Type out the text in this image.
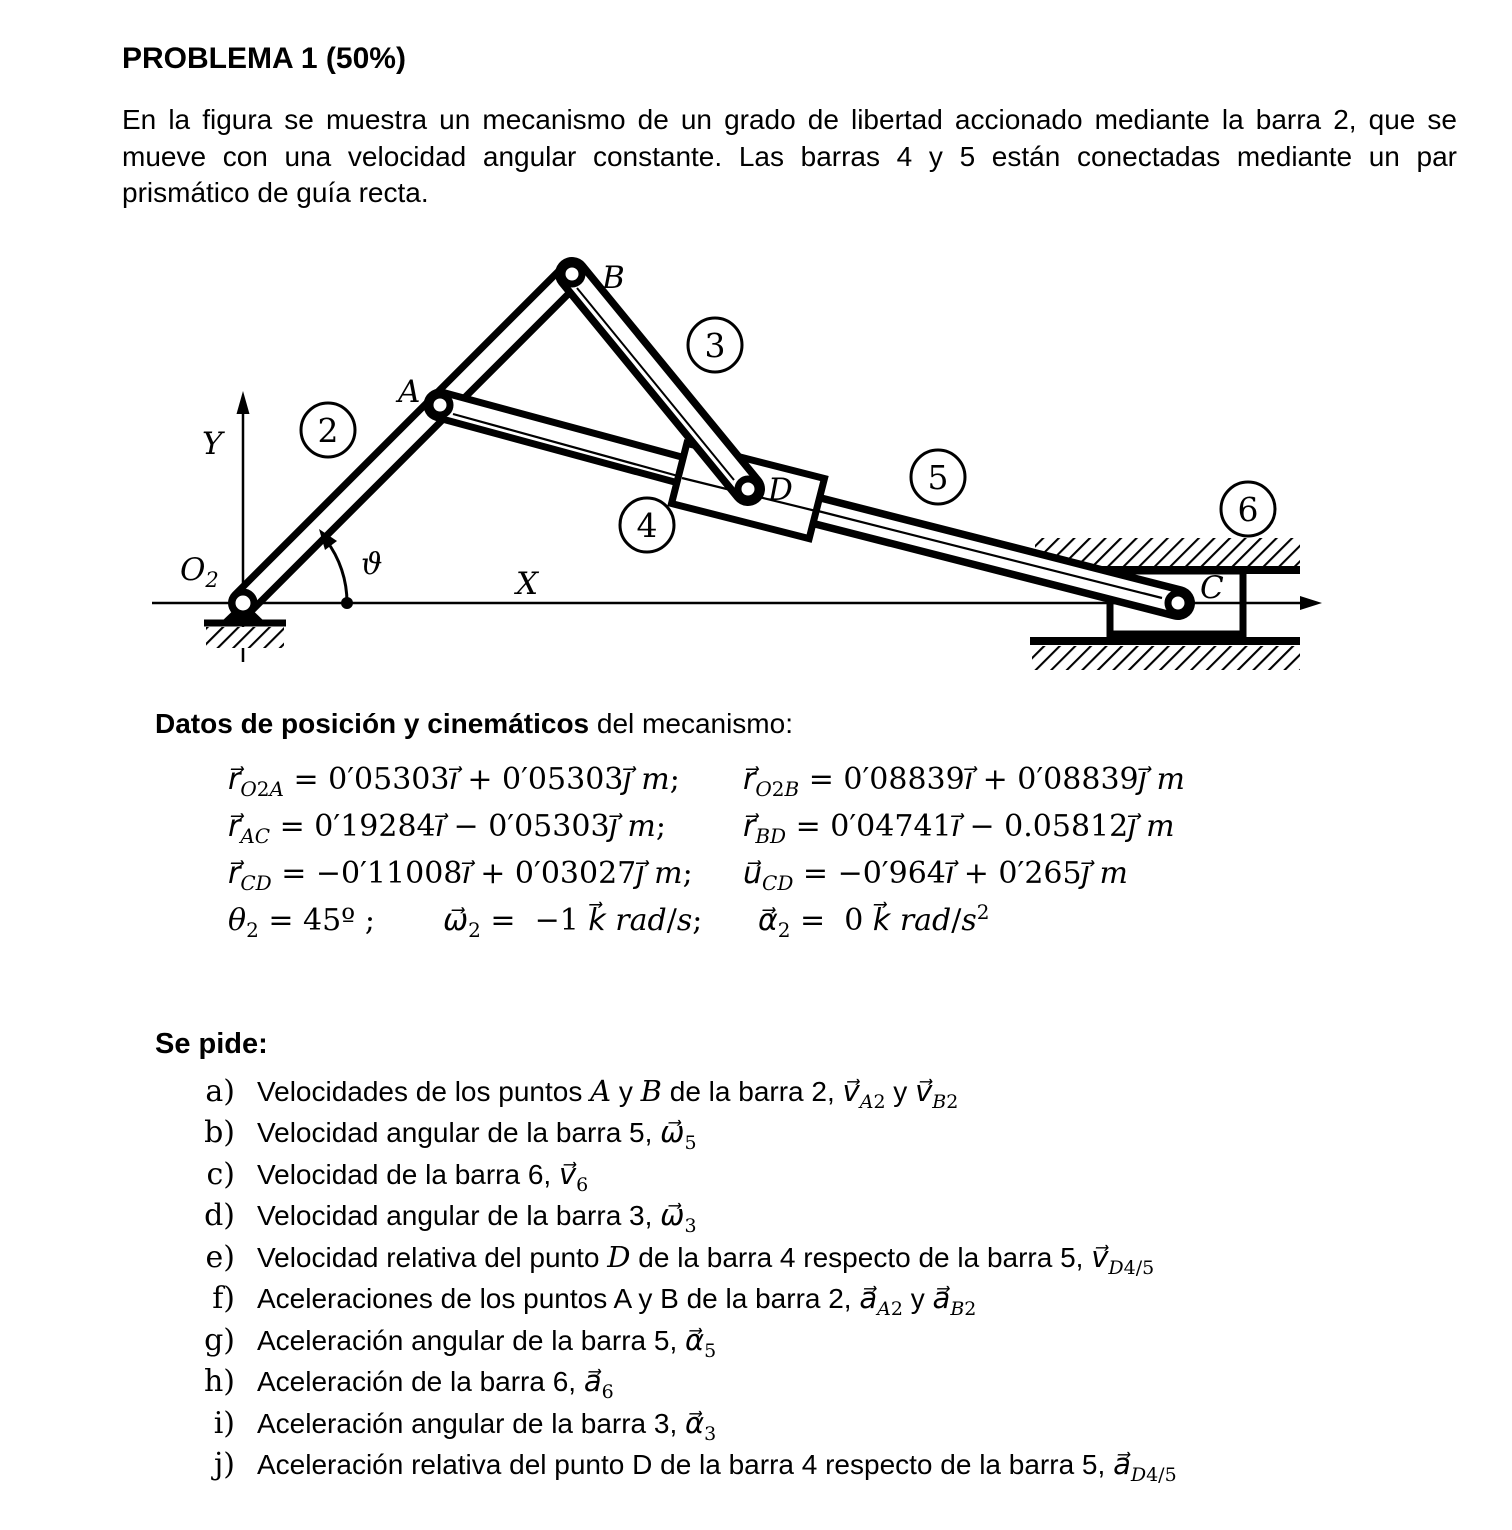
PROBLEMA 1 (50%)

En la figura se muestra un mecanismo de un grado de libertad accionado mediante la barra 2, que se mueve con una velocidad angular constante. Las barras 4 y 5 están conectadas mediante un par prismático de guía recta.

2
3
4
5
6
A
B
C
D
X
Y
$O_2$	ϑ
Datos de posición y cinemáticos del mecanismo:
$r⃗_{O2A}$ = 0′05303ı⃗ + 0′05303ȷ⃗ m;	$r⃗_{O2B}$ = 0′08839ı⃗ + 0′08839ȷ⃗ m
$r⃗_{AC}$ = 0′19284ı⃗ − 0′05303ȷ⃗ m;	$r⃗_{BD}$ = 0′04741ı⃗ − 0.05812ȷ⃗ m
$r⃗_{CD}$ = −0′11008ı⃗ + 0′03027ȷ⃗ m;	$u⃗_{CD}$ = −0′964ı⃗ + 0′265ȷ⃗ m
$\theta_2$ = 45º ;	$\omega⃗_2 = -1$ k⃗ rad/s;	$\alpha⃗_2 = 0$ k⃗ rad/$s^2$
Se pide:
a) Velocidades de los puntos A y B de la barra 2, $v⃗_{A2}$ y $v⃗_{B2}$
b) Velocidad angular de la barra 5, $\omega⃗_5$
c) Velocidad de la barra 6, $v⃗_6$
d) Velocidad angular de la barra 3, $\omega⃗_3$
e) Velocidad relativa del punto D de la barra 4 respecto de la barra 5, $v⃗_{D4/5}$
f) Aceleraciones de los puntos A y B de la barra 2, $a⃗_{A2}$ y $a⃗_{B2}$
g) Aceleración angular de la barra 5, $\alpha⃗_5$
h) Aceleración de la barra 6, $a⃗_6$
i) Aceleración angular de la barra 3, $\alpha⃗_3$
j) Aceleración relativa del punto D de la barra 4 respecto de la barra 5, $a⃗_{D4/5}$
